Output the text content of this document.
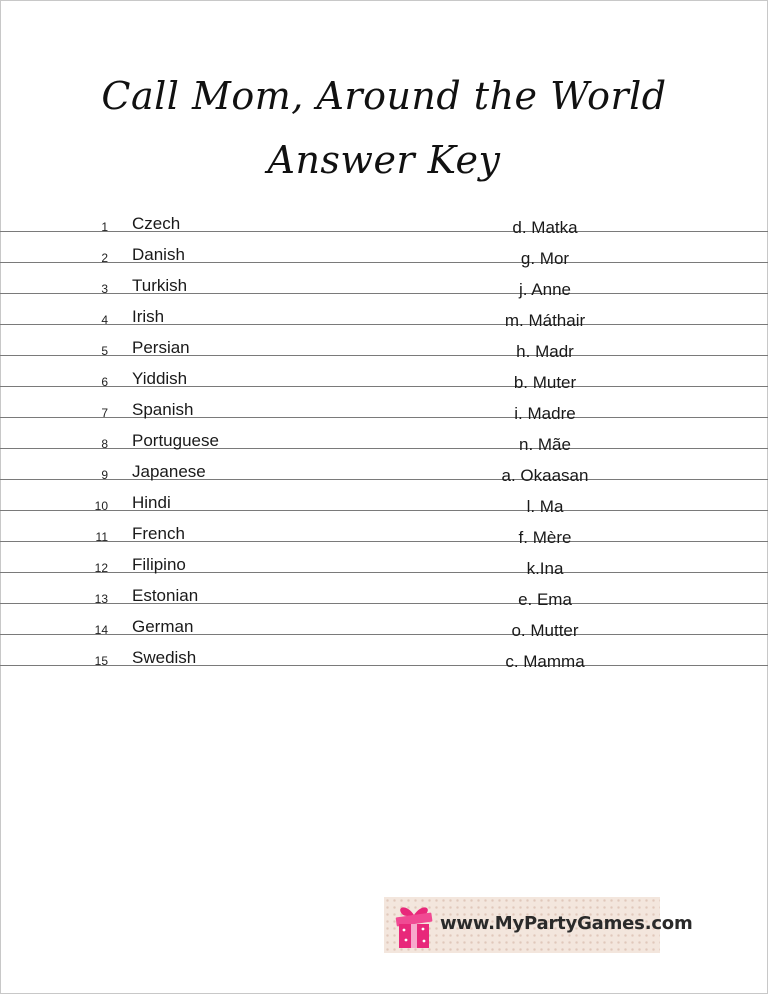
Call Mom, Around the World
Answer Key
1 Czech	d. Matka
2 Danish	g. Mor
3 Turkish	j. Anne
4 Irish	m. Máthair
5 Persian	h. Madr
6 Yiddish	b. Muter
7 Spanish	i. Madre
8 Portuguese	n. Mãe
9 Japanese	a. Okaasan
10 Hindi	l. Ma
11 French	f. Mère
12 Filipino	k.Ina
13 Estonian	e. Ema
14 German	o. Mutter
15 Swedish	c. Mamma
www.MyPartyGames.com
